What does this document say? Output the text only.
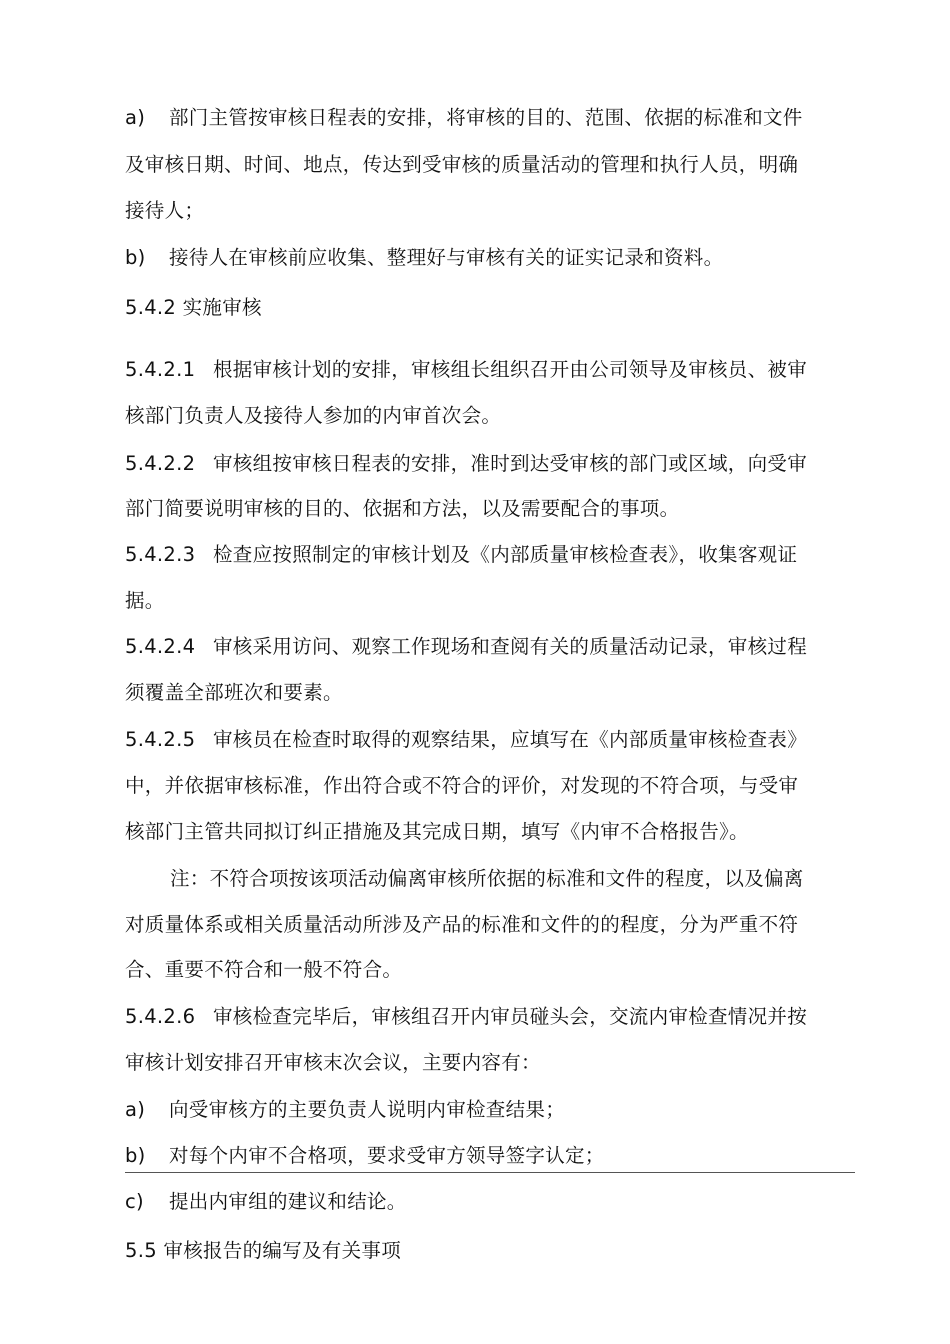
a) 部门主管按审核日程表的安排，将审核的目的、范围、依据的标准和文件
及审核日期、时间、地点，传达到受审核的质量活动的管理和执行人员，明确
接待人；
b) 接待人在审核前应收集、整理好与审核有关的证实记录和资料。
5.4.2 实施审核
5.4.2.1 根据审核计划的安排，审核组长组织召开由公司领导及审核员、被审
核部门负责人及接待人参加的内审首次会。
5.4.2.2 审核组按审核日程表的安排，准时到达受审核的部门或区域，向受审
部门简要说明审核的目的、依据和方法，以及需要配合的事项。
5.4.2.3 检查应按照制定的审核计划及《内部质量审核检查表》，收集客观证
据。
5.4.2.4 审核采用访问、观察工作现场和查阅有关的质量活动记录，审核过程
须覆盖全部班次和要素。
5.4.2.5 审核员在检查时取得的观察结果，应填写在《内部质量审核检查表》
中，并依据审核标准，作出符合或不符合的评价，对发现的不符合项，与受审
核部门主管共同拟订纠正措施及其完成日期，填写《内审不合格报告》。
注：不符合项按该项活动偏离审核所依据的标准和文件的程度，以及偏离
对质量体系或相关质量活动所涉及产品的标准和文件的的程度，分为严重不符
合、重要不符合和一般不符合。
5.4.2.6 审核检查完毕后，审核组召开内审员碰头会，交流内审检查情况并按
审核计划安排召开审核末次会议，主要内容有：
a) 向受审核方的主要负责人说明内审检查结果；
b) 对每个内审不合格项，要求受审方领导签字认定；
c) 提出内审组的建议和结论。
5.5 审核报告的编写及有关事项
